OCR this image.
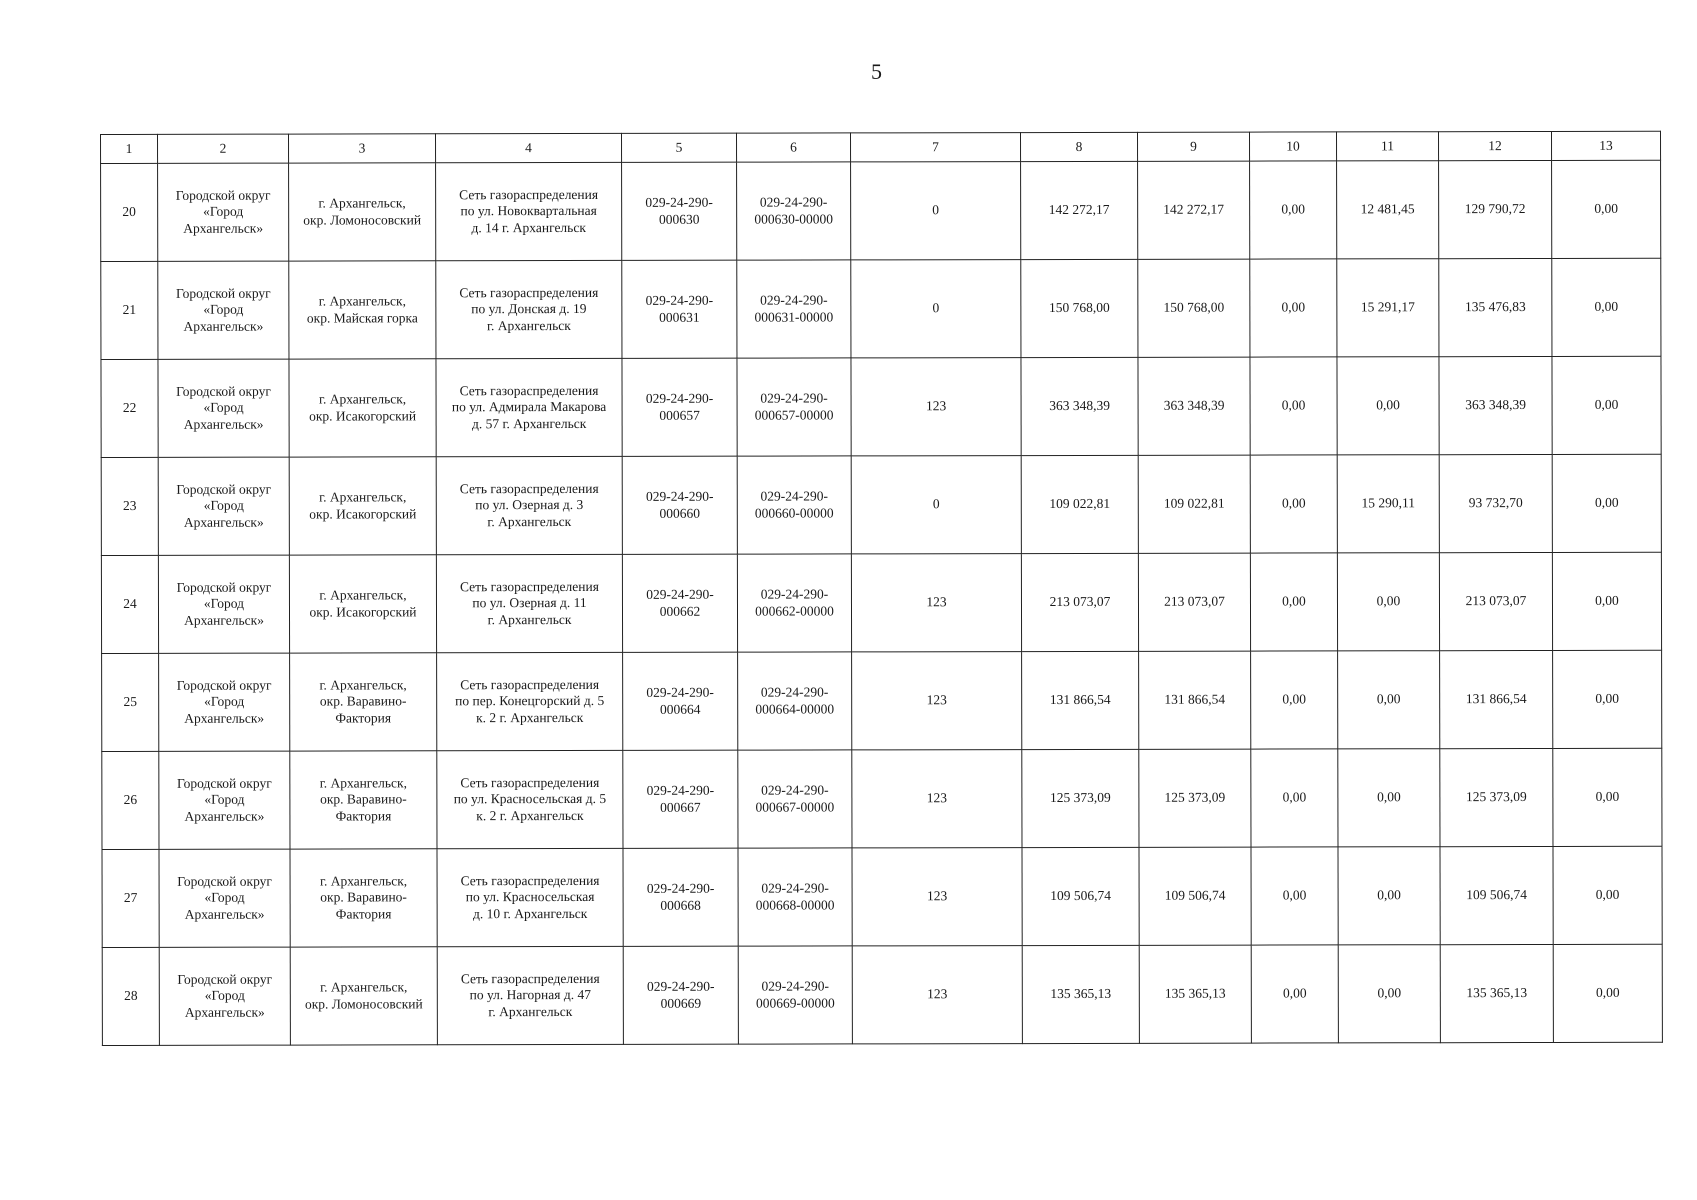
5
1	2	3	4	5	6	7	8	9	10	11	12	13
20	Городской округ
«Город
Архангельск»	г. Архангельск,
окр. Ломоносовский	Сеть газораспределения
по ул. Новоквартальная
д. 14 г. Архангельск	029-24-290-
000630	029-24-290-
000630-00000	0	142 272,17	142 272,17	0,00	12 481,45	129 790,72	0,00
21	Городской округ
«Город
Архангельск»	г. Архангельск,
окр. Майская горка	Сеть газораспределения
по ул. Донская д. 19
г. Архангельск	029-24-290-
000631	029-24-290-
000631-00000	0	150 768,00	150 768,00	0,00	15 291,17	135 476,83	0,00
22	Городской округ
«Город
Архангельск»	г. Архангельск,
окр. Исакогорский	Сеть газораспределения
по ул. Адмирала Макарова
д. 57 г. Архангельск	029-24-290-
000657	029-24-290-
000657-00000	123	363 348,39	363 348,39	0,00	0,00	363 348,39	0,00
23	Городской округ
«Город
Архангельск»	г. Архангельск,
окр. Исакогорский	Сеть газораспределения
по ул. Озерная д. 3
г. Архангельск	029-24-290-
000660	029-24-290-
000660-00000	0	109 022,81	109 022,81	0,00	15 290,11	93 732,70	0,00
24	Городской округ
«Город
Архангельск»	г. Архангельск,
окр. Исакогорский	Сеть газораспределения
по ул. Озерная д. 11
г. Архангельск	029-24-290-
000662	029-24-290-
000662-00000	123	213 073,07	213 073,07	0,00	0,00	213 073,07	0,00
25	Городской округ
«Город
Архангельск»	г. Архангельск,
окр. Варавино-
Фактория	Сеть газораспределения
по пер. Конецгорский д. 5
к. 2 г. Архангельск	029-24-290-
000664	029-24-290-
000664-00000	123	131 866,54	131 866,54	0,00	0,00	131 866,54	0,00
26	Городской округ
«Город
Архангельск»	г. Архангельск,
окр. Варавино-
Фактория	Сеть газораспределения
по ул. Красносельская д. 5
к. 2 г. Архангельск	029-24-290-
000667	029-24-290-
000667-00000	123	125 373,09	125 373,09	0,00	0,00	125 373,09	0,00
27	Городской округ
«Город
Архангельск»	г. Архангельск,
окр. Варавино-
Фактория	Сеть газораспределения
по ул. Красносельская
д. 10 г. Архангельск	029-24-290-
000668	029-24-290-
000668-00000	123	109 506,74	109 506,74	0,00	0,00	109 506,74	0,00
28	Городской округ
«Город
Архангельск»	г. Архангельск,
окр. Ломоносовский	Сеть газораспределения
по ул. Нагорная д. 47
г. Архангельск	029-24-290-
000669	029-24-290-
000669-00000	123	135 365,13	135 365,13	0,00	0,00	135 365,13	0,00
